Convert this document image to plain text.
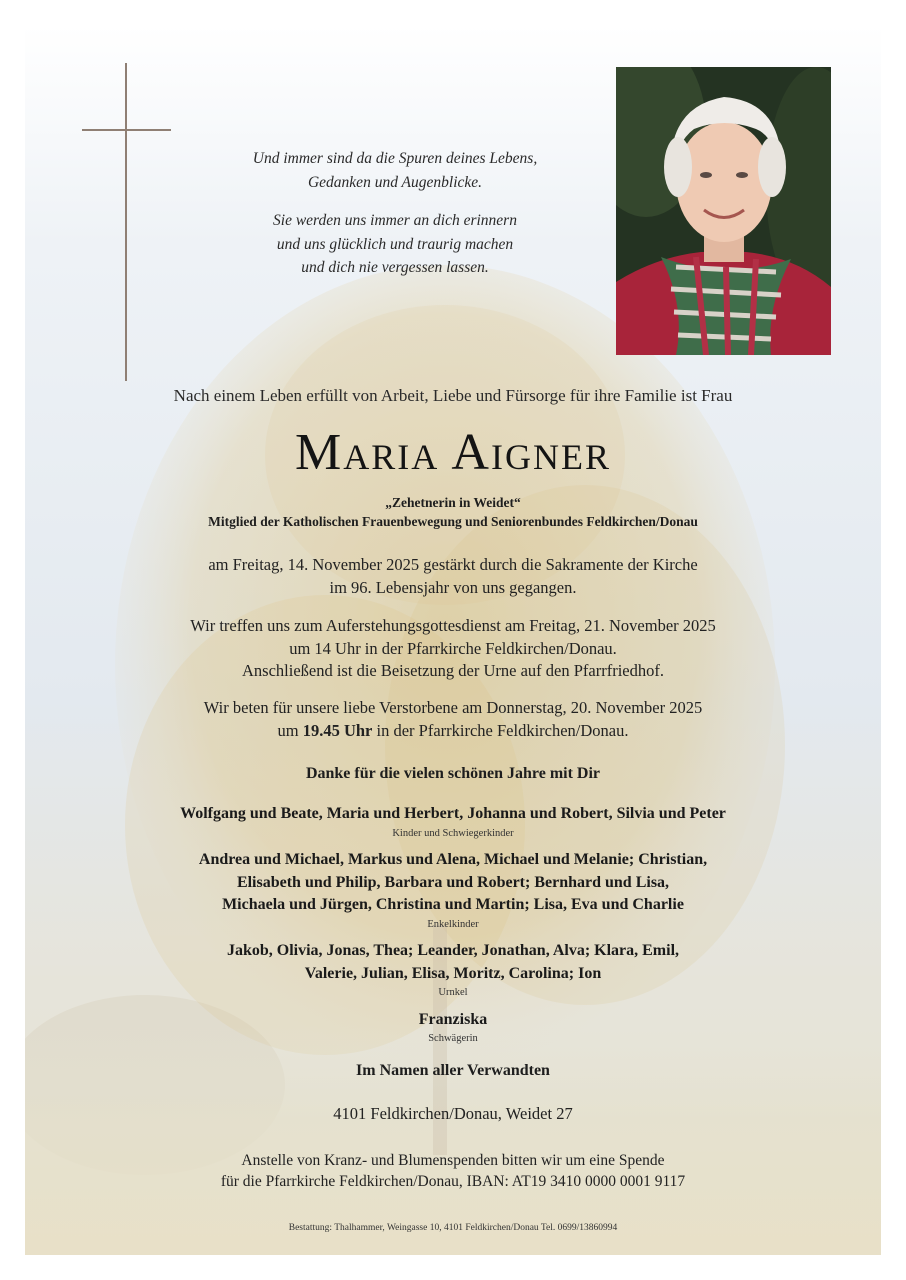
Und immer sind da die Spuren deines Lebens,
Gedanken und Augenblicke.
Sie werden uns immer an dich erinnern
und uns glücklich und traurig machen
und dich nie vergessen lassen.
Nach einem Leben erfüllt von Arbeit, Liebe und Fürsorge für ihre Familie ist Frau
Maria Aigner
„Zehetnerin in Weidet“
Mitglied der Katholischen Frauenbewegung und Seniorenbundes Feldkirchen/Donau
am Freitag, 14. November 2025 gestärkt durch die Sakramente der Kirche
im 96. Lebensjahr von uns gegangen.
Wir treffen uns zum Auferstehungsgottesdienst am Freitag, 21. November 2025
um 14 Uhr in der Pfarrkirche Feldkirchen/Donau.
Anschließend ist die Beisetzung der Urne auf den Pfarrfriedhof.
Wir beten für unsere liebe Verstorbene am Donnerstag, 20. November 2025
um 19.45 Uhr in der Pfarrkirche Feldkirchen/Donau.
Danke für die vielen schönen Jahre mit Dir
Wolfgang und Beate, Maria und Herbert, Johanna und Robert, Silvia und Peter
Kinder und Schwiegerkinder
Andrea und Michael, Markus und Alena, Michael und Melanie; Christian,
Elisabeth und Philip, Barbara und Robert; Bernhard und Lisa,
Michaela und Jürgen, Christina und Martin; Lisa, Eva und Charlie
Enkelkinder
Jakob, Olivia, Jonas, Thea; Leander, Jonathan, Alva; Klara, Emil,
Valerie, Julian, Elisa, Moritz, Carolina; Ion
Urnkel
Franziska
Schwägerin
Im Namen aller Verwandten
4101 Feldkirchen/Donau, Weidet 27
Anstelle von Kranz- und Blumenspenden bitten wir um eine Spende
für die Pfarrkirche Feldkirchen/Donau, IBAN: AT19 3410 0000 0001 9117
Bestattung: Thalhammer, Weingasse 10, 4101 Feldkirchen/Donau Tel. 0699/13860994
